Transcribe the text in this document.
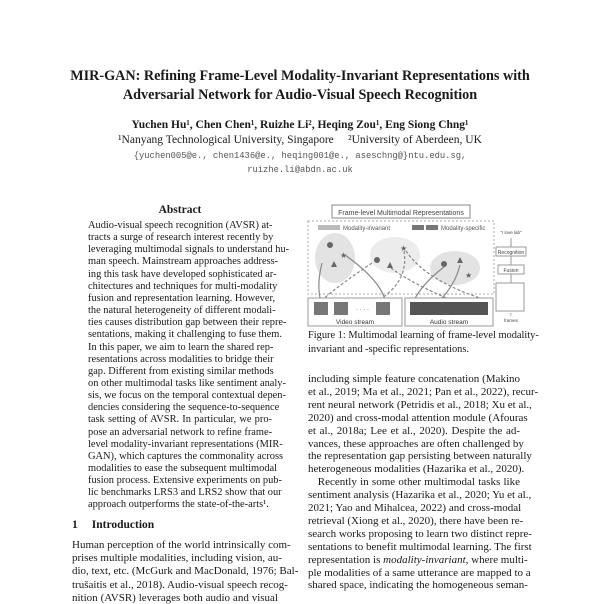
MIR-GAN: Refining Frame-Level Modality-Invariant Representations with
Adversarial Network for Audio-Visual Speech Recognition
Yuchen Hu¹, Chen Chen¹, Ruizhe Li², Heqing Zou¹, Eng Siong Chng¹
¹Nanyang Technological University, Singapore     ²University of Aberdeen, UK
{yuchen005@e., chen1436@e., heqing001@e., aseschng@}ntu.edu.sg,
ruizhe.li@abdn.ac.uk
Abstract
Audio-visual speech recognition (AVSR) at-
tracts a surge of research interest recently by
leveraging multimodal signals to understand hu-
man speech. Mainstream approaches address-
ing this task have developed sophisticated ar-
chitectures and techniques for multi-modality
fusion and representation learning. However,
the natural heterogeneity of different modali-
ties causes distribution gap between their repre-
sentations, making it challenging to fuse them.
In this paper, we aim to learn the shared rep-
resentations across modalities to bridge their
gap. Different from existing similar methods
on other multimodal tasks like sentiment analy-
sis, we focus on the temporal contextual depen-
dencies considering the sequence-to-sequence
task setting of AVSR. In particular, we pro-
pose an adversarial network to refine frame-
level modality-invariant representations (MIR-
GAN), which captures the commonality across
modalities to ease the subsequent multimodal
fusion process. Extensive experiments on pub-
lic benchmarks LRS3 and LRS2 show that our
approach outperforms the state-of-the-arts¹.
1 Introduction
Human perception of the world intrinsically com-
prises multiple modalities, including vision, au-
dio, text, etc. (McGurk and MacDonald, 1976; Bal-
trušaitis et al., 2018). Audio-visual speech recog-
nition (AVSR) leverages both audio and visual
Frame-level Multimodal Representations
Modality-invariant	Modality-specific
★
★
★
· · · ·
Video stream	Audio stream
"I love lab"
Recognition
Fusion
T
frames
Figure 1: Multimodal learning of frame-level modality-
invariant and -specific representations.
including simple feature concatenation (Makino
et al., 2019; Ma et al., 2021; Pan et al., 2022), recur-
rent neural network (Petridis et al., 2018; Xu et al.,
2020) and cross-modal attention module (Afouras
et al., 2018a; Lee et al., 2020). Despite the ad-
vances, these approaches are often challenged by
the representation gap persisting between naturally
heterogeneous modalities (Hazarika et al., 2020).
Recently in some other multimodal tasks like
sentiment analysis (Hazarika et al., 2020; Yu et al.,
2021; Yao and Mihalcea, 2022) and cross-modal
retrieval (Xiong et al., 2020), there have been re-
search works proposing to learn two distinct repre-
sentations to benefit multimodal learning. The first
representation is modality-invariant, where multi-
ple modalities of a same utterance are mapped to a
shared space, indicating the homogeneous seman-
